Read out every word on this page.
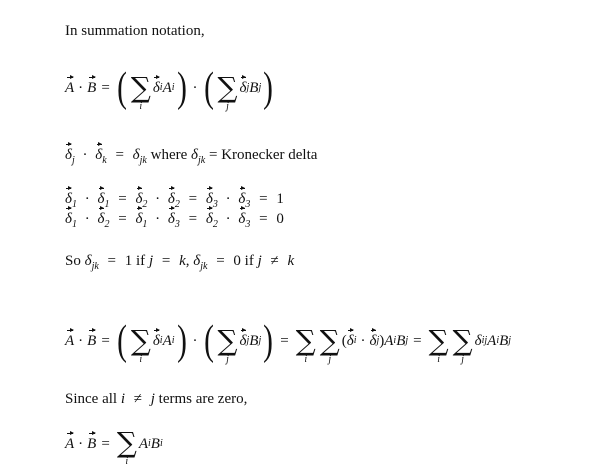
In summation notation,
A · B = ( ∑
i
δ i A i ) · ( ∑
j
δ j B j )
$\delta_j \cdot \delta_k = \delta_{jk}$ where $\delta_{jk}$ = Kronecker delta
$\delta_1 \cdot \delta_1 = \delta_2 \cdot \delta_2 = \delta_3 \cdot \delta_3 = 1$
$\delta_1 \cdot \delta_2 = \delta_1 \cdot \delta_3 = \delta_2 \cdot \delta_3 = 0$
So $\delta_{jk} = 1$ if j = k, $\delta_{jk} = 0$ if j ≠ k
A · B = ( ∑
i
δ i A i ) · ( ∑
j
δ j B j ) = ∑
i
∑
j
( δ i · δ j ) A i B j = ∑
i
∑
j
δ ij A i B j
Since all i ≠ j terms are zero,
A · B = ∑
i
A i B i
